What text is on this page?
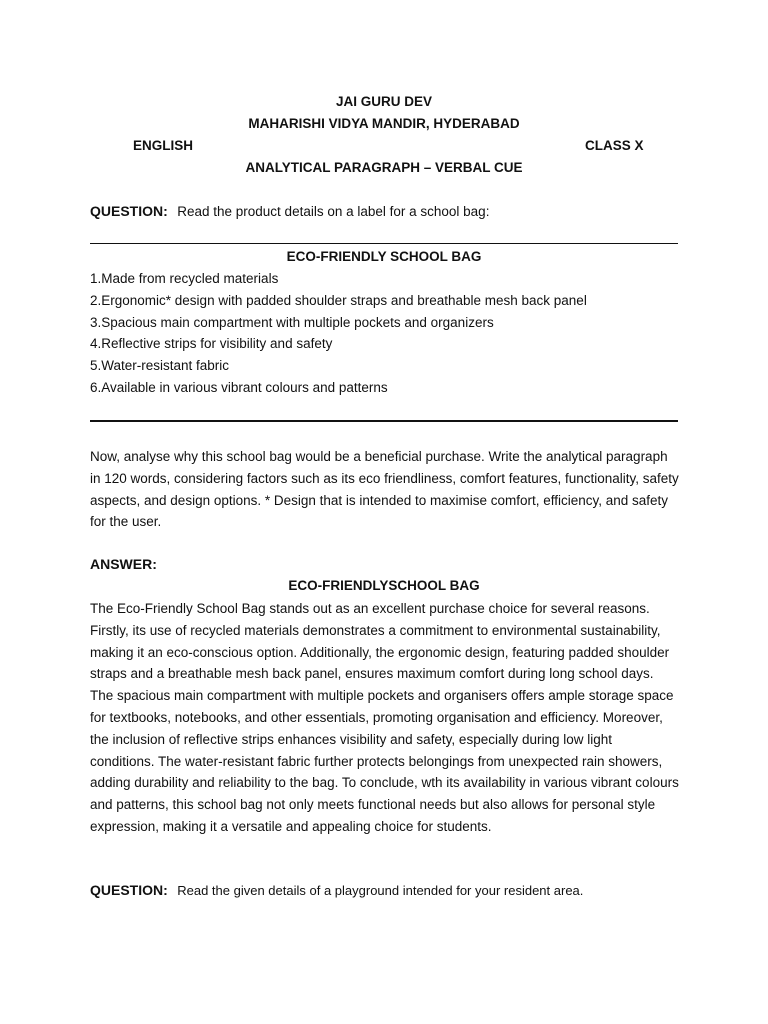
JAI GURU DEV
MAHARISHI VIDYA MANDIR, HYDERABAD
ENGLISH	CLASS X
ANALYTICAL PARAGRAPH – VERBAL CUE
QUESTION: Read the product details on a label for a school bag:
ECO-FRIENDLY SCHOOL BAG
1.Made from recycled materials
2.Ergonomic* design with padded shoulder straps and breathable mesh back panel
3.Spacious main compartment with multiple pockets and organizers
4.Reflective strips for visibility and safety
5.Water-resistant fabric
6.Available in various vibrant colours and patterns

Now, analyse why this school bag would be a beneficial purchase. Write the analytical paragraph in 120 words, considering factors such as its eco friendliness, comfort features, functionality, safety aspects, and design options. * Design that is intended to maximise comfort, efficiency, and safety for the user.

ANSWER:
ECO-FRIENDLYSCHOOL BAG

The Eco-Friendly School Bag stands out as an excellent purchase choice for several reasons. Firstly, its use of recycled materials demonstrates a commitment to environmental sustainability, making it an eco-conscious option. Additionally, the ergonomic design, featuring padded shoulder straps and a breathable mesh back panel, ensures maximum comfort during long school days. The spacious main compartment with multiple pockets and organisers offers ample storage space for textbooks, notebooks, and other essentials, promoting organisation and efficiency. Moreover, the inclusion of reflective strips enhances visibility and safety, especially during low light conditions. The water-resistant fabric further protects belongings from unexpected rain showers, adding durability and reliability to the bag. To conclude, wth its availability in various vibrant colours and patterns, this school bag not only meets functional needs but also allows for personal style expression, making it a versatile and appealing choice for students.

QUESTION: Read the given details of a playground intended for your resident area.
